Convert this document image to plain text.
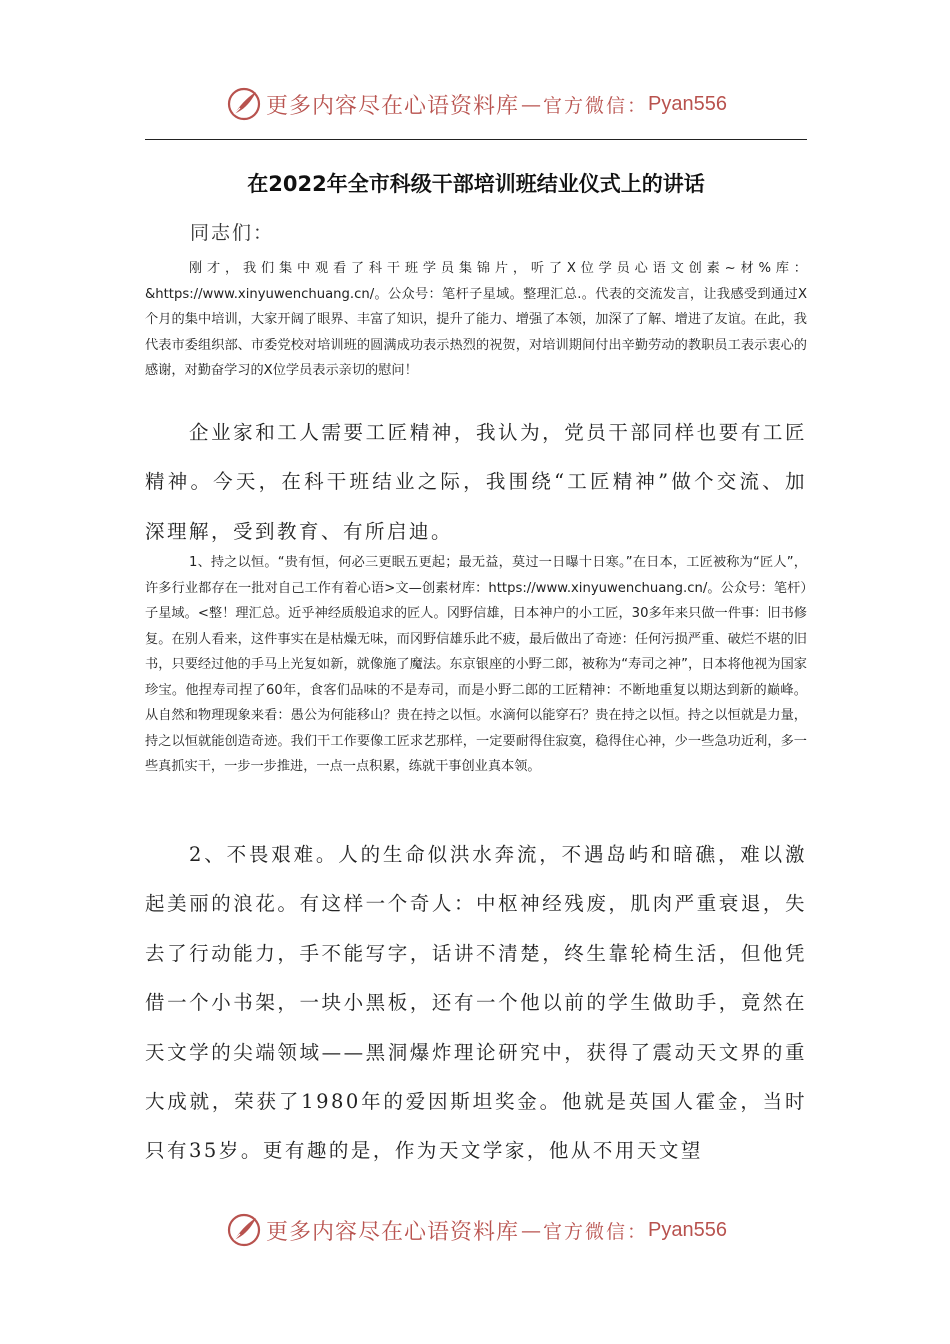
更多内容尽在心语资料库 — 官方微信： Pyan556
在2022年全市科级干部培训班结业仪式上的讲话
同志们：

刚才，我们集中观看了科干班学员集锦片，听了X位学员心语文创素~材%库：&https://www.xinyuwenchuang.cn/。公众号：笔杆子星域。整理汇总.。代表的交流发言，让我感受到通过X个月的集中培训，大家开阔了眼界、丰富了知识，提升了能力、增强了本领，加深了了解、增进了友谊。在此，我代表市委组织部、市委党校对培训班的圆满成功表示热烈的祝贺，对培训期间付出辛勤劳动的教职员工表示衷心的感谢，对勤奋学习的X位学员表示亲切的慰问！

企业家和工人需要工匠精神，我认为，党员干部同样也要有工匠精神。今天，在科干班结业之际，我围绕“工匠精神”做个交流、加深理解，受到教育、有所启迪。

1、持之以恒。“贵有恒，何必三更眠五更起；最无益，莫过一日曝十日寒。”在日本，工匠被称为“匠人”，许多行业都存在一批对自己工作有着心语>文—创素材库：https://www.xinyuwenchuang.cn/。公众号：笔杆）子星域。<整！理汇总。近乎神经质般追求的匠人。冈野信雄，日本神户的小工匠，30多年来只做一件事：旧书修复。在别人看来，这件事实在是枯燥无味，而冈野信雄乐此不疲，最后做出了奇迹：任何污损严重、破烂不堪的旧书，只要经过他的手马上光复如新，就像施了魔法。东京银座的小野二郎，被称为“寿司之神”，日本将他视为国家珍宝。他捏寿司捏了60年，食客们品味的不是寿司，而是小野二郎的工匠精神：不断地重复以期达到新的巅峰。从自然和物理现象来看：愚公为何能移山？贵在持之以恒。水滴何以能穿石？贵在持之以恒。持之以恒就是力量，持之以恒就能创造奇迹。我们干工作要像工匠求艺那样，一定要耐得住寂寞，稳得住心神，少一些急功近利，多一些真抓实干，一步一步推进，一点一点积累，练就干事创业真本领。

2、不畏艰难。人的生命似洪水奔流，不遇岛屿和暗礁，难以激起美丽的浪花。有这样一个奇人：中枢神经残废，肌肉严重衰退，失去了行动能力，手不能写字，话讲不清楚，终生靠轮椅生活，但他凭借一个小书架，一块小黑板，还有一个他以前的学生做助手，竟然在天文学的尖端领域——黑洞爆炸理论研究中，获得了震动天文界的重大成就，荣获了1980年的爱因斯坦奖金。他就是英国人霍金，当时只有35岁。更有趣的是，作为天文学家，他从不用天文望

更多内容尽在心语资料库 — 官方微信： Pyan556
